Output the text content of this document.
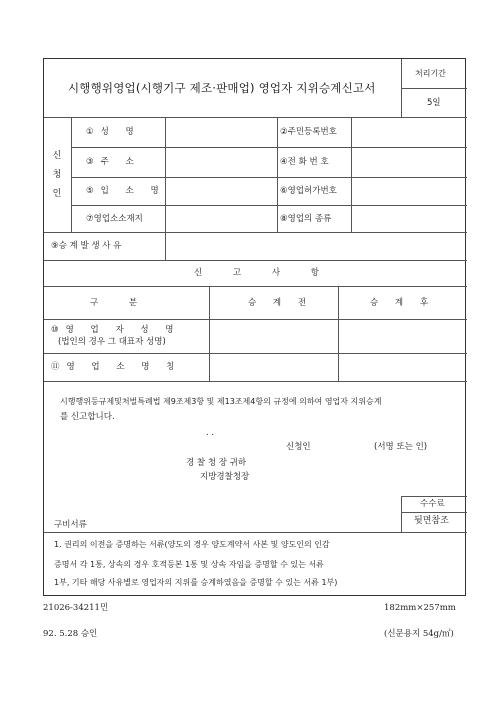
시행행위영업(시행기구 제조·판매업) 영업자 지위승계신고서
처리기간
5일
신
청
인
①성 명	②주민등록번호
③주 소	④전 화 번 호
⑤입 소 명	⑥영업허가번호
⑦영업소소재지	⑧영업의 종류
⑨승 계 발 생 사 유
신 고 사 항
구 분	승 계 전	승 계 후
⑩영 업 자 성 명
(법인의 경우 그 대표자 성명)
⑪영 업 소 명 칭
시행행위등규제및처벌특례법 제9조제3항 및 제13조제4항의 규정에 의하여 영업자 지위승계
를 신고합니다.
. .
신청인	(서명 또는 인)
경 찰 청 장 귀하
지방경찰청장
수수료
뒷면참조
구비서류
1. 권리의 이전을 증명하는 서류(양도의 경우 양도계약서 사본 및 양도인의 인감
증명서 각 1통, 상속의 경우 호적등본 1통 및 상속 자임을 증명할 수 있는 서류
1부, 기타 해당 사유별로 영업자의 지위를 승계하였음을 증명할 수 있는 서류 1부)
21026-34211민
92. 5.28 승인
182mm×257mm
(신문용지 54g/㎡)
